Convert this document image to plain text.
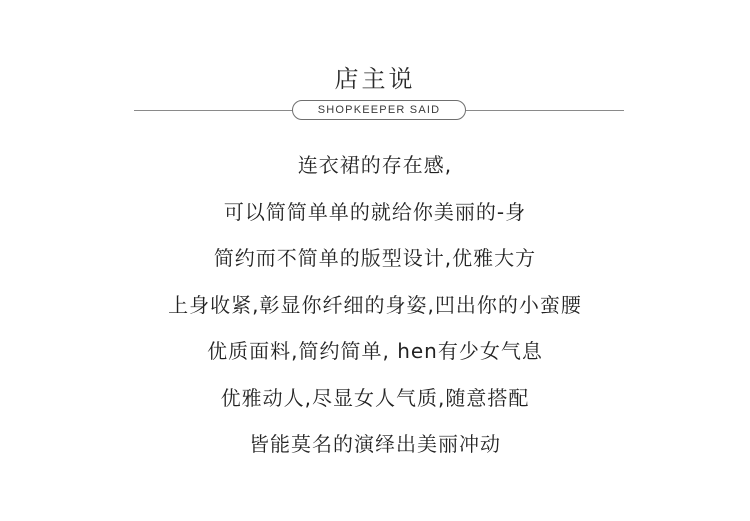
店主说
SHOPKEEPER SAID
连衣裙的存在感,
可以简简单单的就给你美丽的-身
简约而不简单的版型设计,优雅大方
上身收紧,彰显你纤细的身姿,凹出你的小蛮腰
优质面料,简约简单, hen有少女气息
优雅动人,尽显女人气质,随意搭配
皆能莫名的演绎出美丽冲动
